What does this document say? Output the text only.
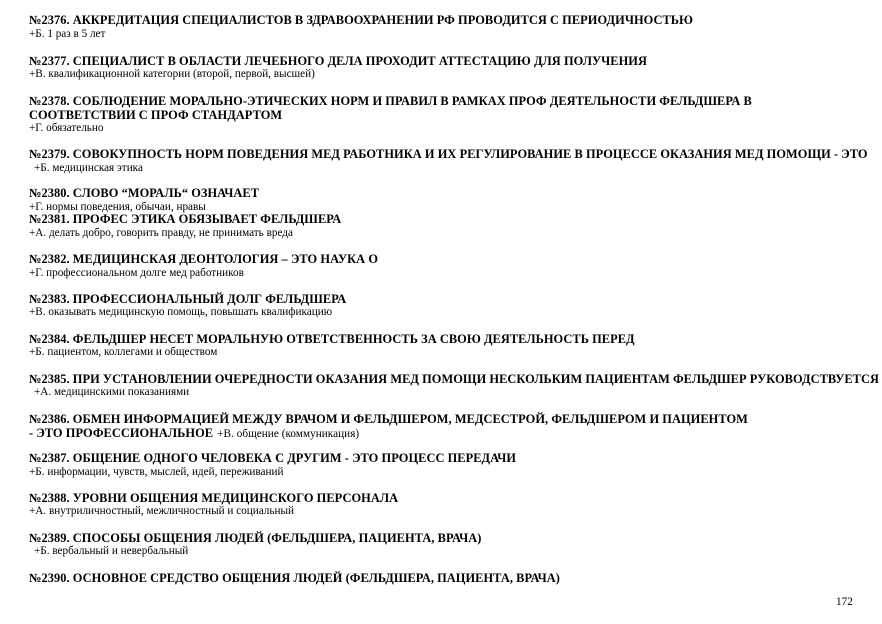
№2376. АККРЕДИТАЦИЯ СПЕЦИАЛИСТОВ В ЗДРАВООХРАНЕНИИ РФ ПРОВОДИТСЯ С ПЕРИОДИЧНОСТЬЮ
+Б. 1 раз в 5 лет
№2377. СПЕЦИАЛИСТ В ОБЛАСТИ ЛЕЧЕБНОГО ДЕЛА ПРОХОДИТ АТТЕСТАЦИЮ ДЛЯ ПОЛУЧЕНИЯ
+В. квалификационной категории (второй, первой, высшей)
№2378. СОБЛЮДЕНИЕ МОРАЛЬНО-ЭТИЧЕСКИХ НОРМ И ПРАВИЛ В РАМКАХ ПРОФ ДЕЯТЕЛЬНОСТИ ФЕЛЬДШЕРА В СООТВЕТСТВИИ С ПРОФ СТАНДАРТОМ
+Г. обязательно
№2379. СОВОКУПНОСТЬ НОРМ ПОВЕДЕНИЯ МЕД РАБОТНИКА И ИХ РЕГУЛИРОВАНИЕ В ПРОЦЕССЕ ОКАЗАНИЯ МЕД ПОМОЩИ - ЭТО
+Б. медицинская этика
№2380. СЛОВО “МОРАЛЬ“ ОЗНАЧАЕТ
+Г. нормы поведения, обычаи, нравы
№2381. ПРОФЕС ЭТИКА ОБЯЗЫВАЕТ ФЕЛЬДШЕРА
+А. делать добро, говорить правду, не принимать вреда
№2382. МЕДИЦИНСКАЯ ДЕОНТОЛОГИЯ – ЭТО НАУКА О
+Г. профессиональном долге мед работников
№2383. ПРОФЕССИОНАЛЬНЫЙ ДОЛГ ФЕЛЬДШЕРА
+В. оказывать медицинскую помощь, повышать квалификацию
№2384. ФЕЛЬДШЕР НЕСЕТ МОРАЛЬНУЮ ОТВЕТСТВЕННОСТЬ ЗА СВОЮ ДЕЯТЕЛЬНОСТЬ ПЕРЕД
+Б. пациентом, коллегами и обществом
№2385. ПРИ УСТАНОВЛЕНИИ ОЧЕРЕДНОСТИ ОКАЗАНИЯ МЕД ПОМОЩИ НЕСКОЛЬКИМ ПАЦИЕНТАМ ФЕЛЬДШЕР РУКОВОДСТВУЕТСЯ
+А. медицинскими показаниями
№2386. ОБМЕН ИНФОРМАЦИЕЙ МЕЖДУ ВРАЧОМ И ФЕЛЬДШЕРОМ, МЕДСЕСТРОЙ, ФЕЛЬДШЕРОМ И ПАЦИЕНТОМ
- ЭТО ПРОФЕССИОНАЛЬНОЕ +В. общение (коммуникация)
№2387. ОБЩЕНИЕ ОДНОГО ЧЕЛОВЕКА С ДРУГИМ - ЭТО ПРОЦЕСС ПЕРЕДАЧИ
+Б. информации, чувств, мыслей, идей, переживаний
№2388. УРОВНИ ОБЩЕНИЯ МЕДИЦИНСКОГО ПЕРСОНАЛА
+А. внутриличностный, межличностный и социальный
№2389. СПОСОБЫ ОБЩЕНИЯ ЛЮДЕЙ (ФЕЛЬДШЕРА, ПАЦИЕНТА, ВРАЧА)
+Б. вербальный и невербальный
№2390. ОСНОВНОЕ СРЕДСТВО ОБЩЕНИЯ ЛЮДЕЙ (ФЕЛЬДШЕРА, ПАЦИЕНТА, ВРАЧА)
172
